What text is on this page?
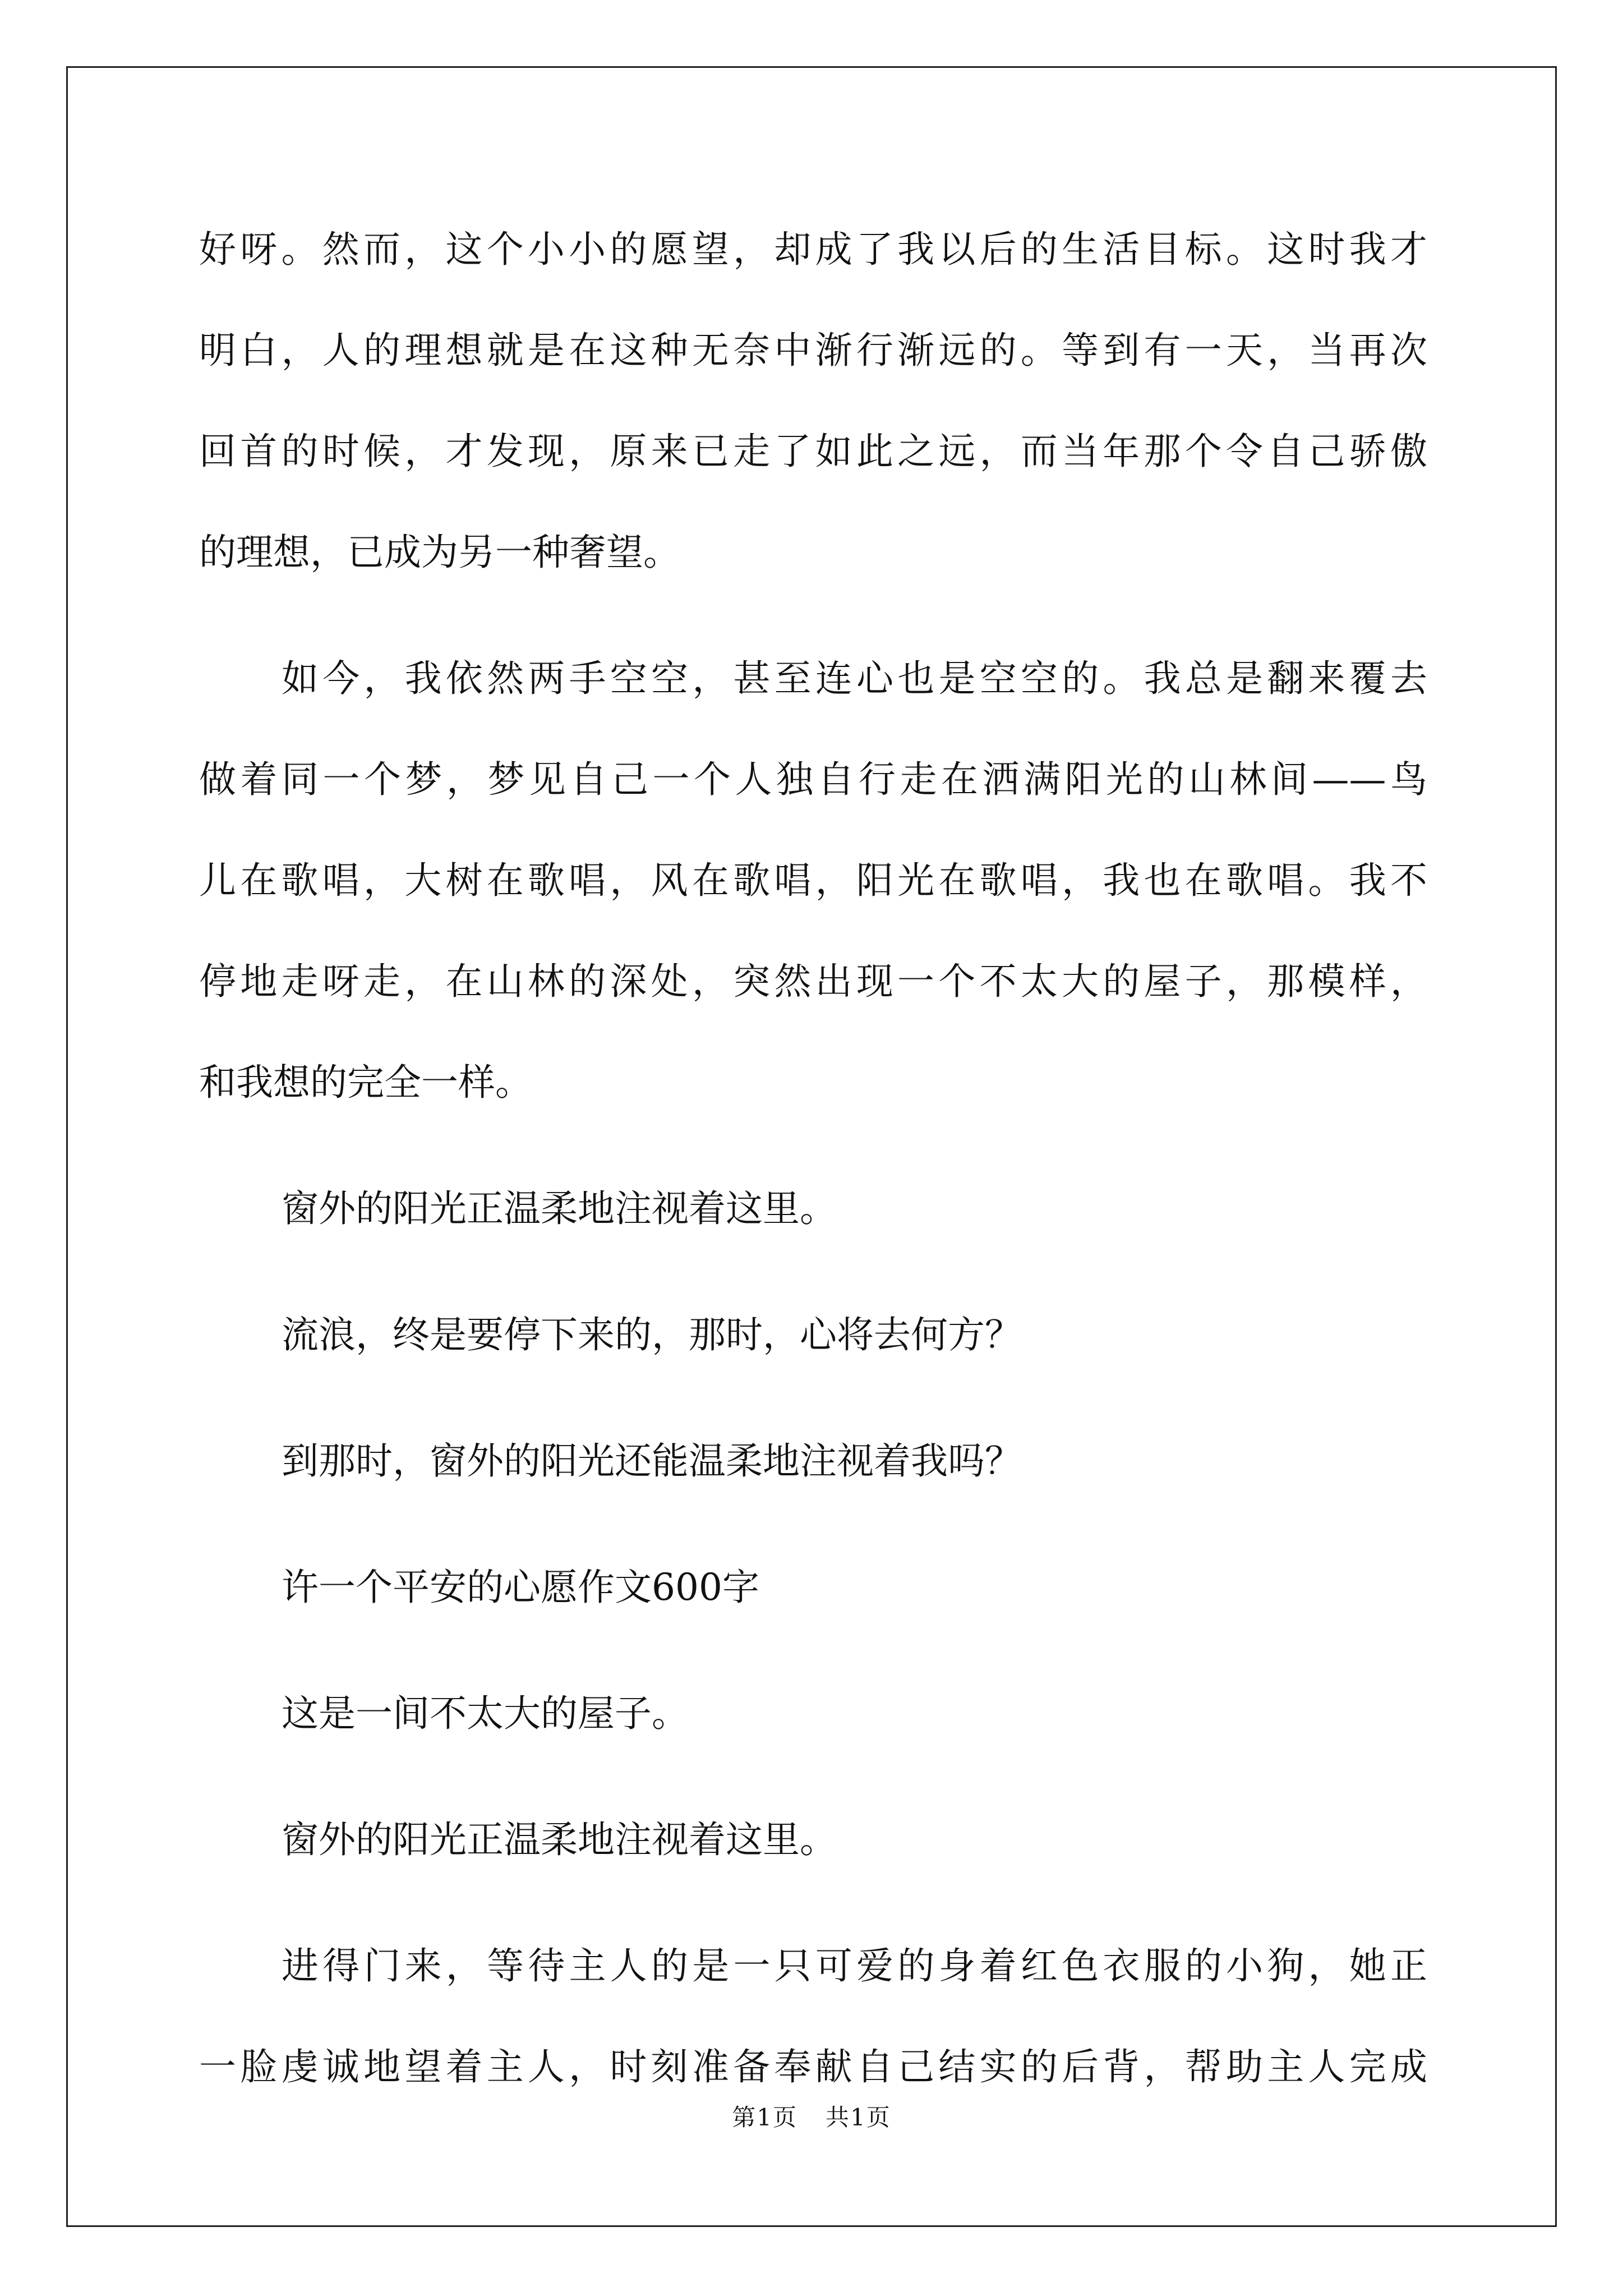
好呀。然而，这个小小的愿望，却成了我以后的生活目标。这时我才
明白，人的理想就是在这种无奈中渐行渐远的。等到有一天，当再次
回首的时候，才发现，原来已走了如此之远，而当年那个令自己骄傲
的理想，已成为另一种奢望。
如今，我依然两手空空，甚至连心也是空空的。我总是翻来覆去
做着同一个梦，梦见自己一个人独自行走在洒满阳光的山林间——鸟
儿在歌唱，大树在歌唱，风在歌唱，阳光在歌唱，我也在歌唱。我不
停地走呀走，在山林的深处，突然出现一个不太大的屋子，那模样，
和我想的完全一样。
窗外的阳光正温柔地注视着这里。
流浪，终是要停下来的，那时，心将去何方？
到那时，窗外的阳光还能温柔地注视着我吗？
许一个平安的心愿作文600字
这是一间不太大的屋子。
窗外的阳光正温柔地注视着这里。
进得门来，等待主人的是一只可爱的身着红色衣服的小狗，她正
一脸虔诚地望着主人，时刻准备奉献自己结实的后背，帮助主人完成
第1页 共1页
